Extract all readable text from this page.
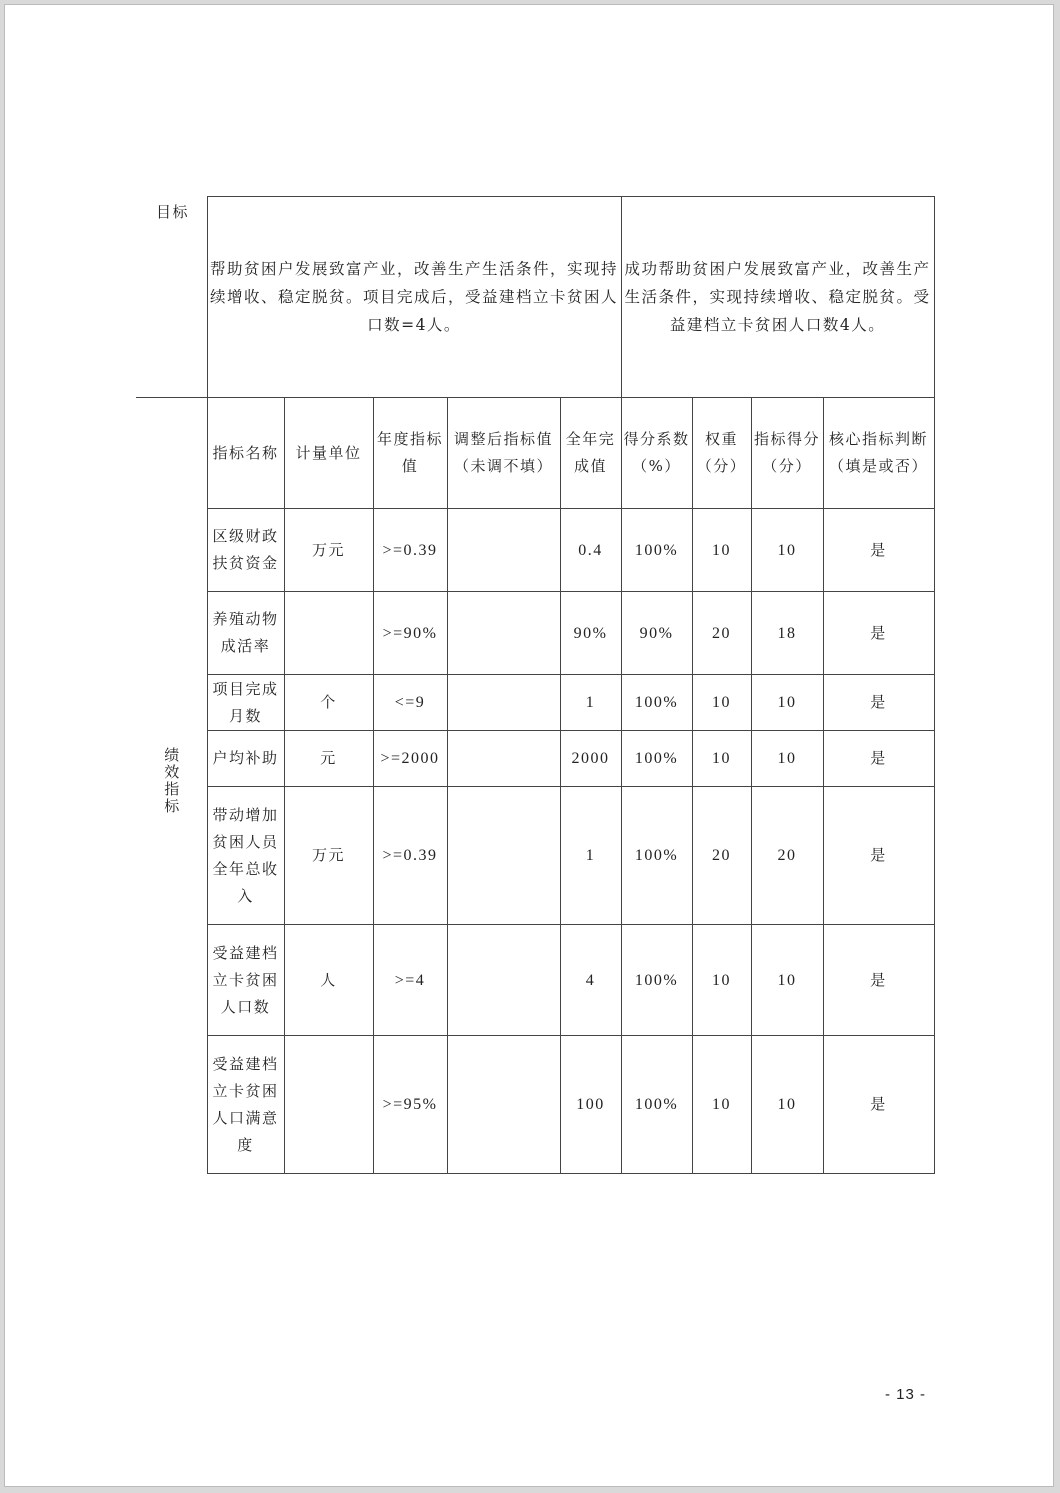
目标	帮助贫困户发展致富产业，改善生产生活条件，实现持续增收、稳定脱贫。项目完成后，受益建档立卡贫困人口数=4人。					成功帮助贫困户发展致富产业，改善生产生活条件，实现持续增收、稳定脱贫。受益建档立卡贫困人口数4人。			
绩效指标	指标名称	计量单位	年度指标值	调整后指标值（未调不填）	全年完成值	得分系数（%）	权重（分）	指标得分（分）	核心指标判断（填是或否）
	区级财政扶贫资金	万元	>=0.39		0.4	100%	10	10	是
	养殖动物成活率		>=90%		90%	90%	20	18	是
	项目完成月数	个	<=9		1	100%	10	10	是
	户均补助	元	>=2000		2000	100%	10	10	是
	带动增加贫困人员全年总收入	万元	>=0.39		1	100%	20	20	是
	受益建档立卡贫困人口数	人	>=4		4	100%	10	10	是
	受益建档立卡贫困人口满意度		>=95%		100	100%	10	10	是
- 13 -
